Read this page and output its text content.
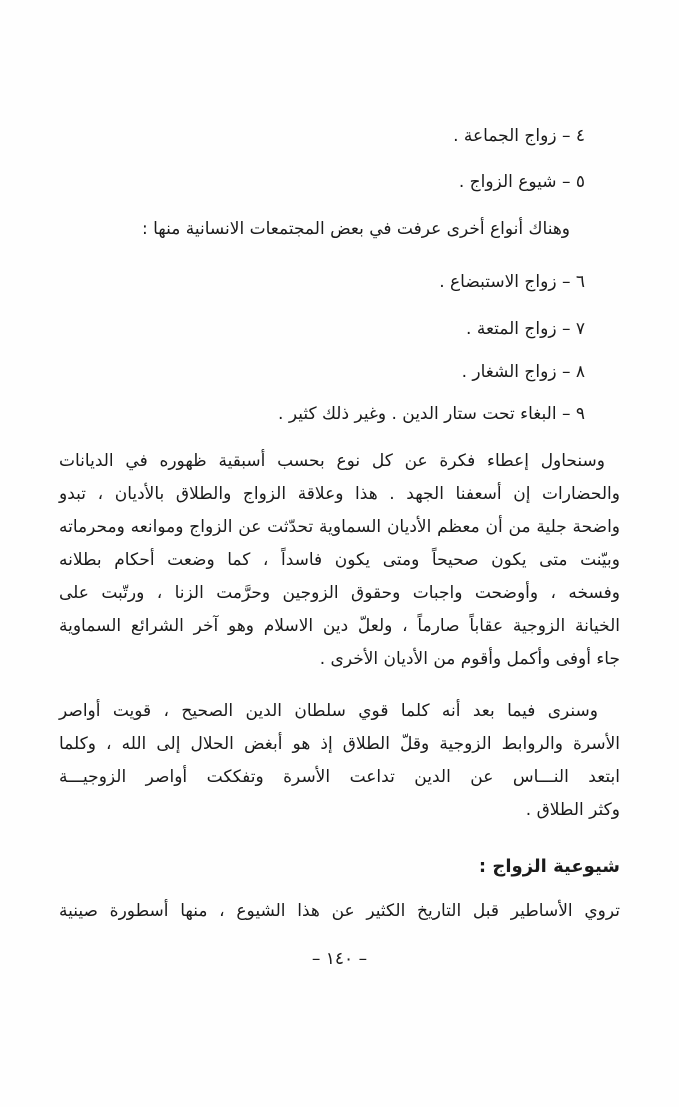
٤ – زواج الجماعة .
٥ – شيوع الزواج .
وهناك أنواع أخرى عرفت في بعض المجتمعات الانسانية منها :
٦ – زواج الاستبضاع .
٧ – زواج المتعة .
٨ – زواج الشغار .
٩ – البغاء تحت ستار الدين . وغير ذلك كثير .
وسنحاول إعطاء فكرة عن كل نوع بحسب أسبقية ظهوره في الديانات
والحضارات إن أسعفنا الجهد . هذا وعلاقة الزواج والطلاق بالأديان ، تبدو
واضحة جلية من أن معظم الأديان السماوية تحدّثت عن الزواج وموانعه ومحرماته
وبيّنت متى يكون صحيحاً ومتى يكون فاسداً ، كما وضعت أحكام بطلانه
وفسخه ، وأوضحت واجبات وحقوق الزوجين وحرَّمت الزنا ، ورتّبت على
الخيانة الزوجية عقاباً صارماً ، ولعلّ دين الاسلام وهو آخر الشرائع السماوية
جاء أوفى وأكمل وأقوم من الأديان الأخرى .
وسنرى فيما بعد أنه كلما قوي سلطان الدين الصحيح ، قويت أواصر
الأسرة والروابط الزوجية وقلّ الطلاق إذ هو أبغض الحلال إلى الله ، وكلما
ابتعد النـــاس عن الدين تداعت الأسرة وتفككت أواصر الزوجيـــة
وكثر الطلاق .
شيوعية الزواج :
تروي الأساطير قبل التاريخ الكثير عن هذا الشيوع ، منها أسطورة صينية
– ١٤٠ –
